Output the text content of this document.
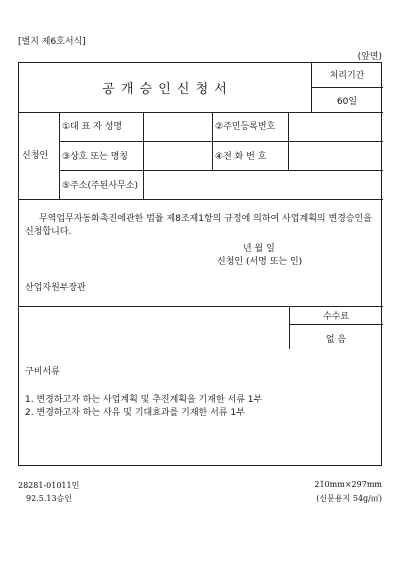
[별지 제6호서식]
(앞면)
공 개 승 인 신 청 서
처리기간
60일
신청인
①대 표 자 성명	②주민등록번호
③상호 또는 명칭	④전 화 번 호
⑤주소(주된사무소)
무역업무자동화촉진에관한 법률 제8조제1항의 규정에 의하여 사업계획의 변경승인을
신청합니다.
년 월 일
신청인 (서명 또는 인)
산업자원부장관
수수료
없 음
구비서류
1. 변경하고자 하는 사업계획 및 추진계획을 기재한 서류 1부
2. 변경하고자 하는 사유 및 기대효과를 기재한 서류 1부
28281-01011민
92.5.13승인
210mm×297mm
(신문용지 54g/㎡)
